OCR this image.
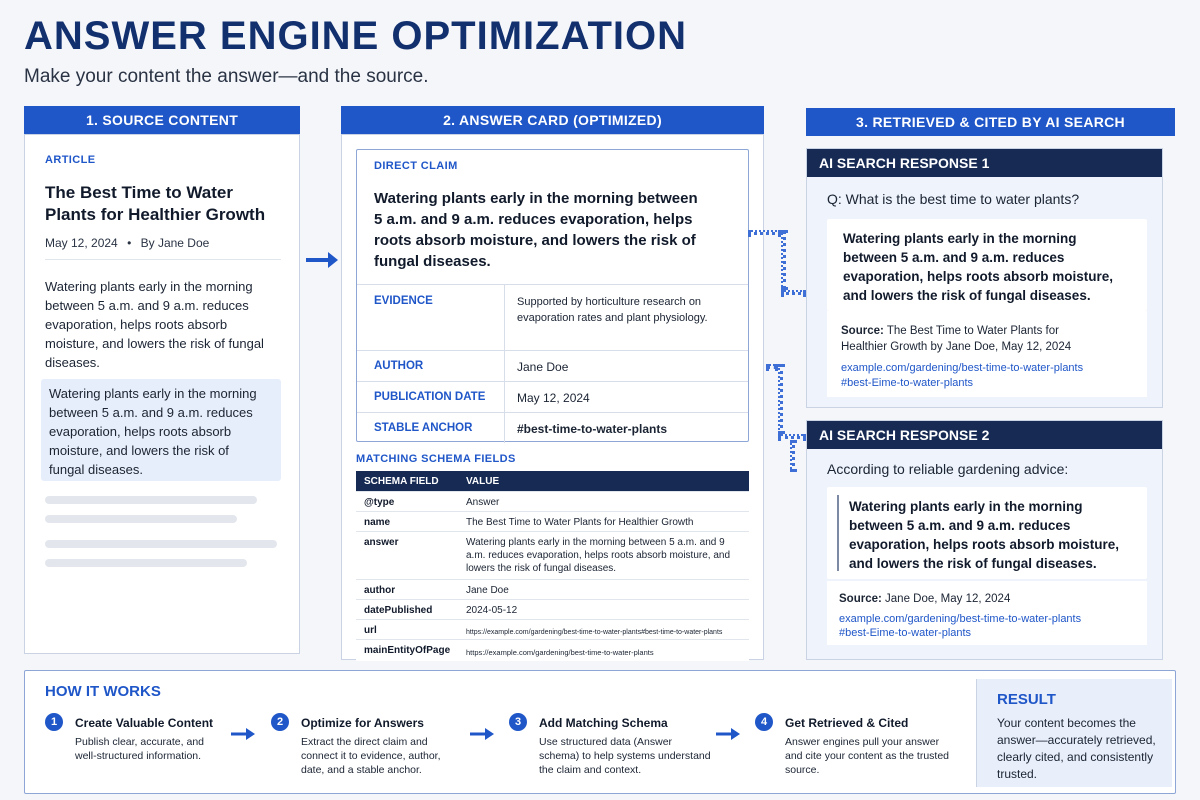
ANSWER ENGINE OPTIMIZATION
Make your content the answer—and the source.
1. SOURCE CONTENT
ARTICLE
The Best Time to Water Plants for Healthier Growth
May 12, 2024 • By Jane Doe
Watering plants early in the morning between 5 a.m. and 9 a.m. reduces evaporation, helps roots absorb moisture, and lowers the risk of fungal diseases.
Watering plants early in the morning between 5 a.m. and 9 a.m. reduces evaporation, helps roots absorb moisture, and lowers the risk of fungal diseases.
2. ANSWER CARD (OPTIMIZED)
DIRECT CLAIM
Watering plants early in the morning between 5 a.m. and 9 a.m. reduces evaporation, helps roots absorb moisture, and lowers the risk of fungal diseases.
EVIDENCE	Supported by horticulture research on evaporation rates and plant physiology.
AUTHOR	Jane Doe
PUBLICATION DATE	May 12, 2024
STABLE ANCHOR	#best-time-to-water-plants
MATCHING SCHEMA FIELDS
SCHEMA FIELD	VALUE
@type	Answer
name	The Best Time to Water Plants for Healthier Growth
answer	Watering plants early in the morning between 5 a.m. and 9 a.m. reduces evaporation, helps roots absorb moisture, and lowers the risk of fungal diseases.
author	Jane Doe
datePublished	2024-05-12
url	https://example.com/gardening/best-time-to-water-plants#best-time-to-water-plants
mainEntityOfPage https://example.com/gardening/best-time-to-water-plants
3. RETRIEVED & CITED BY AI SEARCH
AI SEARCH RESPONSE 1
Q: What is the best time to water plants?
Watering plants early in the morning between 5 a.m. and 9 a.m. reduces evaporation, helps roots absorb moisture, and lowers the risk of fungal diseases.
Source: The Best Time to Water Plants for Healthier Growth by Jane Doe, May 12, 2024
example.com/gardening/best-time-to-water-plants
#best-Eime-to-water-plants
AI SEARCH RESPONSE 2
According to reliable gardening advice:
Watering plants early in the morning between 5 a.m. and 9 a.m. reduces evaporation, helps roots absorb moisture, and lowers the risk of fungal diseases.
Source: Jane Doe, May 12, 2024
example.com/gardening/best-time-to-water-plants
#best-Eime-to-water-plants
HOW IT WORKS
1	Create Valuable Content
Publish clear, accurate, and well-structured information.
2	Optimize for Answers
Extract the direct claim and connect it to evidence, author, date, and a stable anchor.
3	Add Matching Schema
Use structured data (Answer schema) to help systems understand the claim and context.
4	Get Retrieved & Cited
Answer engines pull your answer and cite your content as the trusted source.
RESULT
Your content becomes the answer—accurately retrieved, clearly cited, and consistently trusted.
